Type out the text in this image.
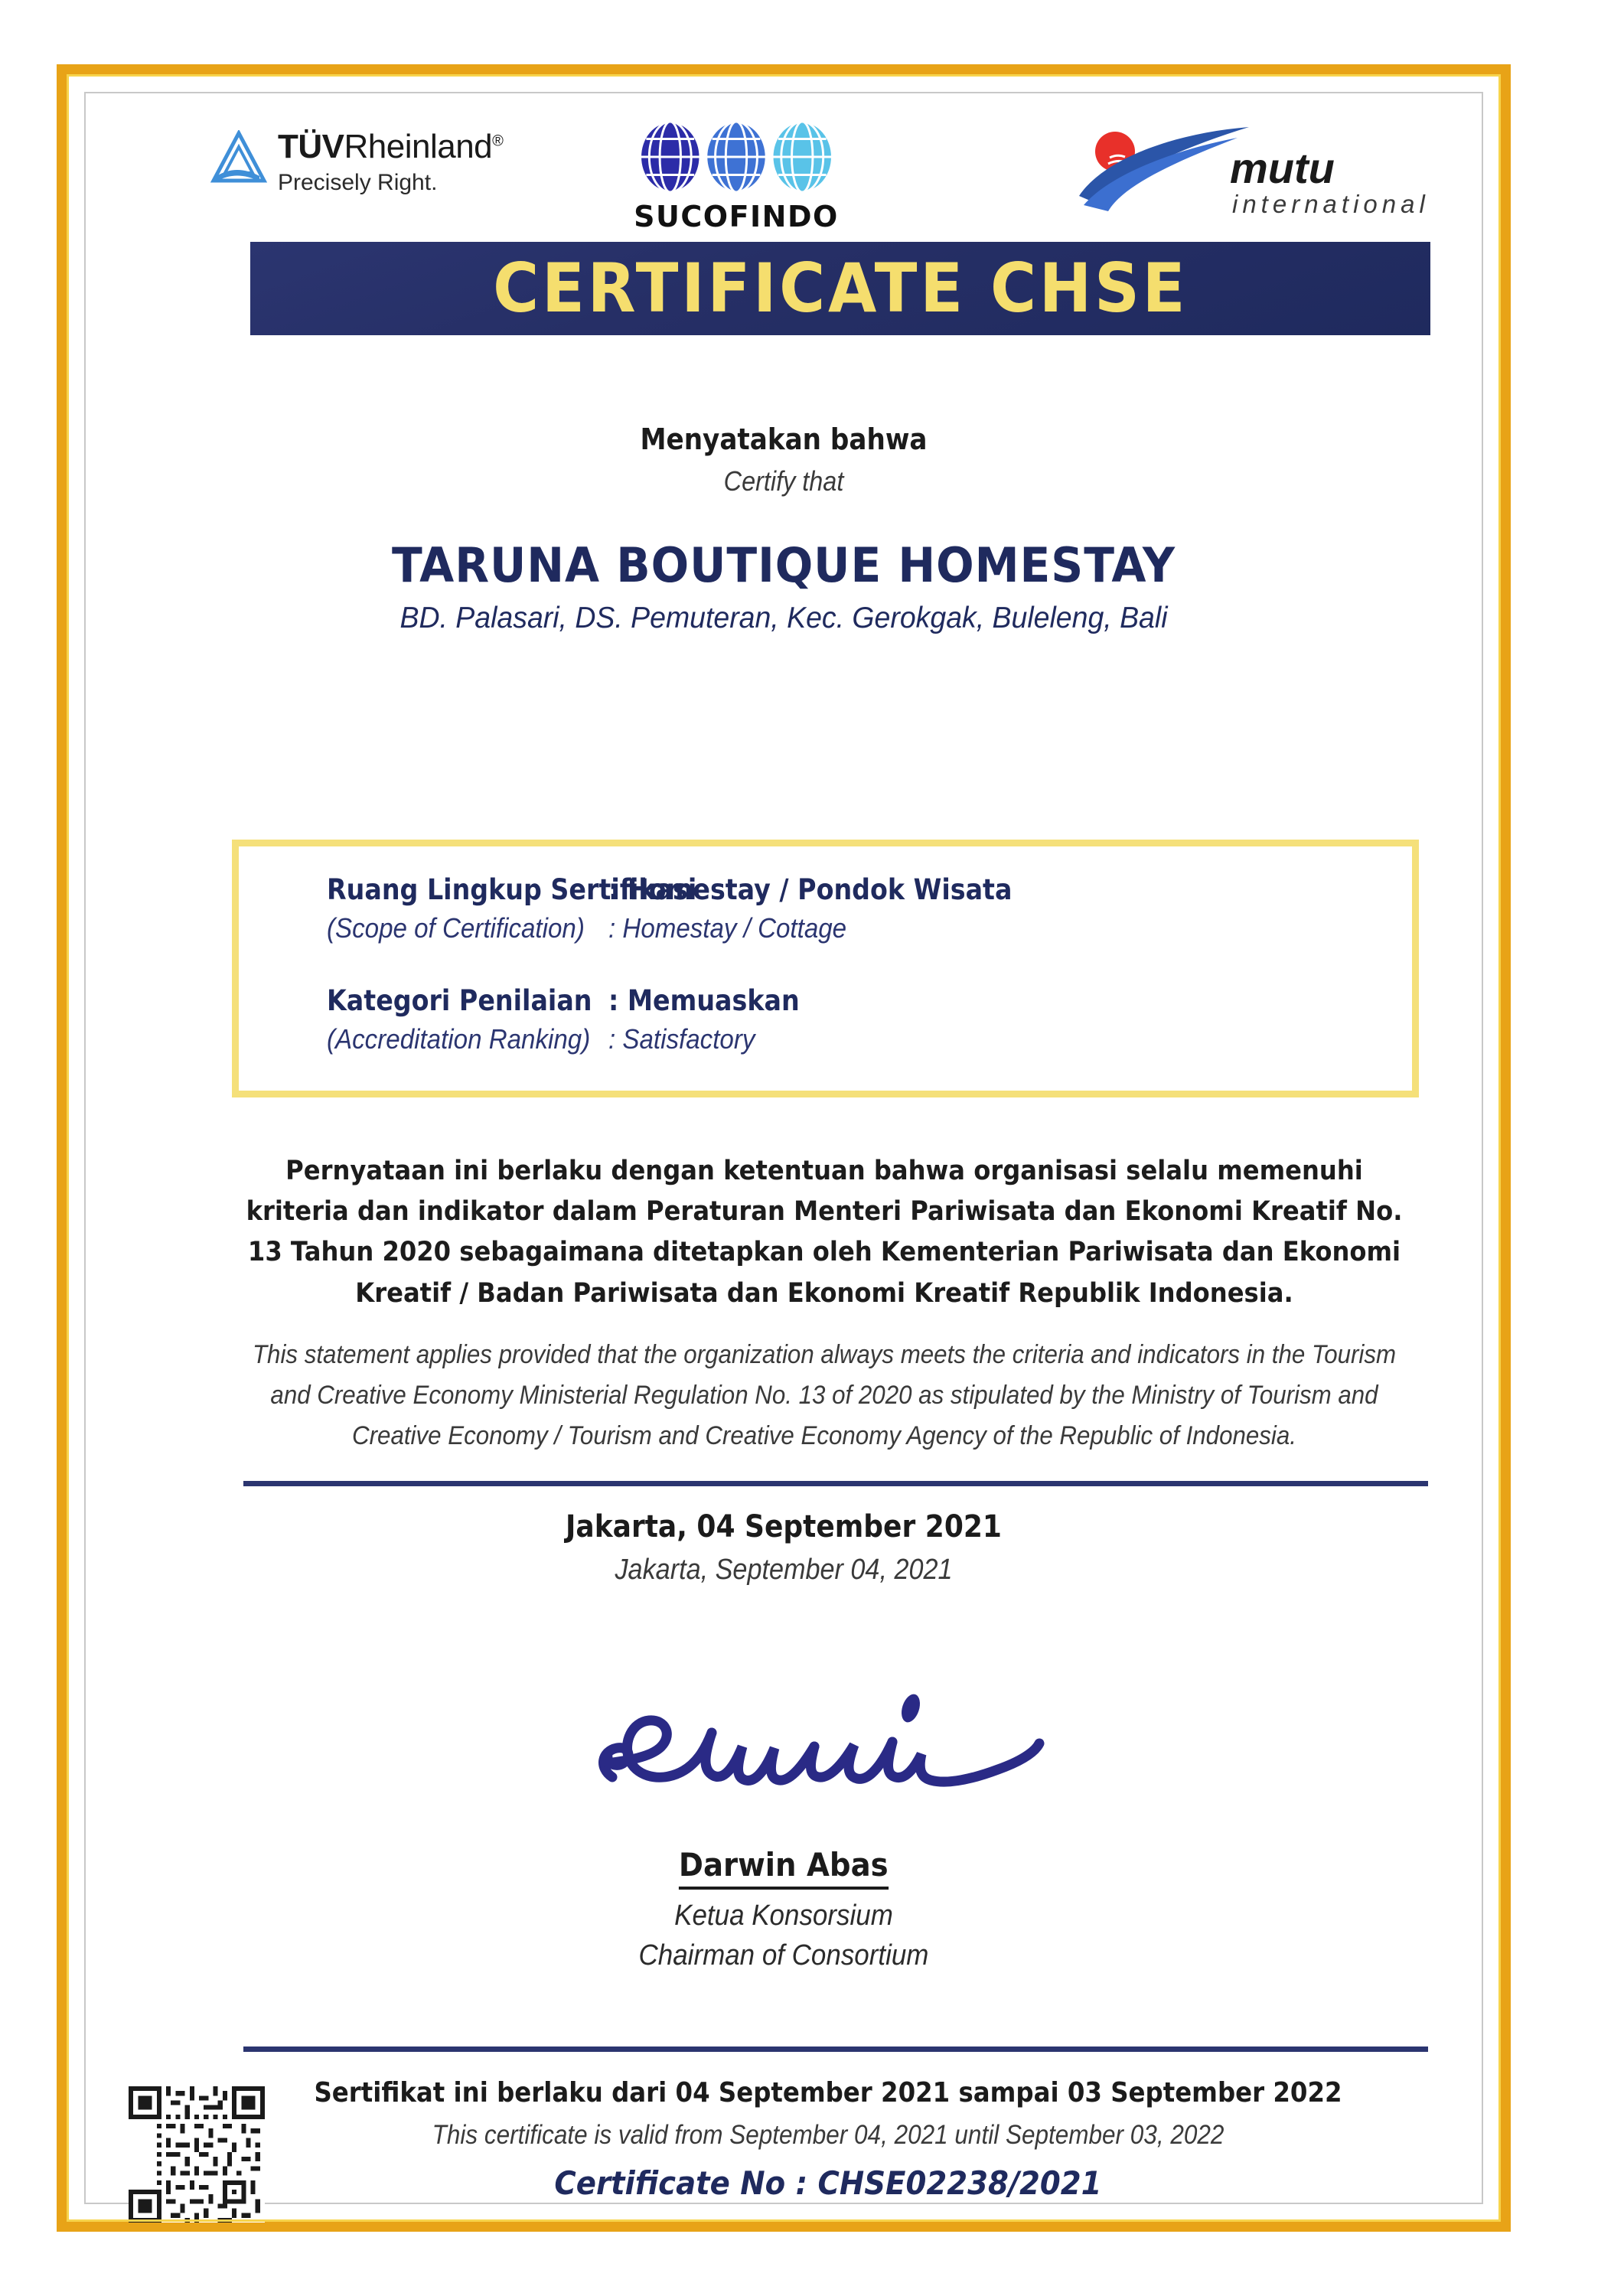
TÜVRheinland®
Precisely Right.
SUCOFINDO
mutu
international
CERTIFICATE CHSE
Menyatakan bahwa
Certify that
TARUNA BOUTIQUE HOMESTAY
BD. Palasari, DS. Pemuteran, Kec. Gerokgak, Buleleng, Bali
Ruang Lingkup Sertifikasi
(Scope of Certification)
: Homestay / Pondok Wisata
: Homestay / Cottage
Kategori Penilaian
(Accreditation Ranking)
: Memuaskan
: Satisfactory
Pernyataan ini berlaku dengan ketentuan bahwa organisasi selalu memenuhi kriteria dan indikator dalam Peraturan Menteri Pariwisata dan Ekonomi Kreatif No. 13 Tahun 2020 sebagaimana ditetapkan oleh Kementerian Pariwisata dan Ekonomi Kreatif / Badan Pariwisata dan Ekonomi Kreatif Republik Indonesia.
This statement applies provided that the organization always meets the criteria and indicators in the Tourism and Creative Economy Ministerial Regulation No. 13 of 2020 as stipulated by the Ministry of Tourism and Creative Economy / Tourism and Creative Economy Agency of the Republic of Indonesia.
Jakarta, 04 September 2021
Jakarta, September 04, 2021
Darwin Abas
Ketua Konsorsium
Chairman of Consortium
Sertifikat ini berlaku dari 04 September 2021 sampai 03 September 2022
This certificate is valid from September 04, 2021 until September 03, 2022
Certificate No : CHSE02238/2021
